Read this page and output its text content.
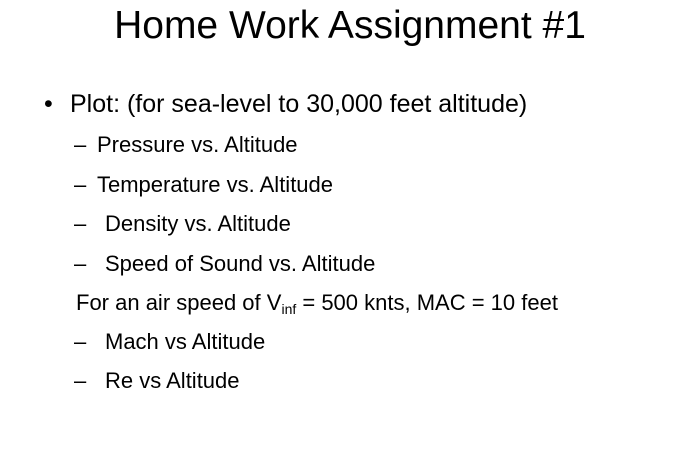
Home Work Assignment #1
• Plot: (for sea-level to 30,000 feet altitude)
– Pressure vs. Altitude
– Temperature vs. Altitude
– Density vs. Altitude
– Speed of Sound vs. Altitude
For an air speed of $V_{inf} = 500$ knts, MAC = 10 feet
– Mach vs Altitude
– Re vs Altitude
